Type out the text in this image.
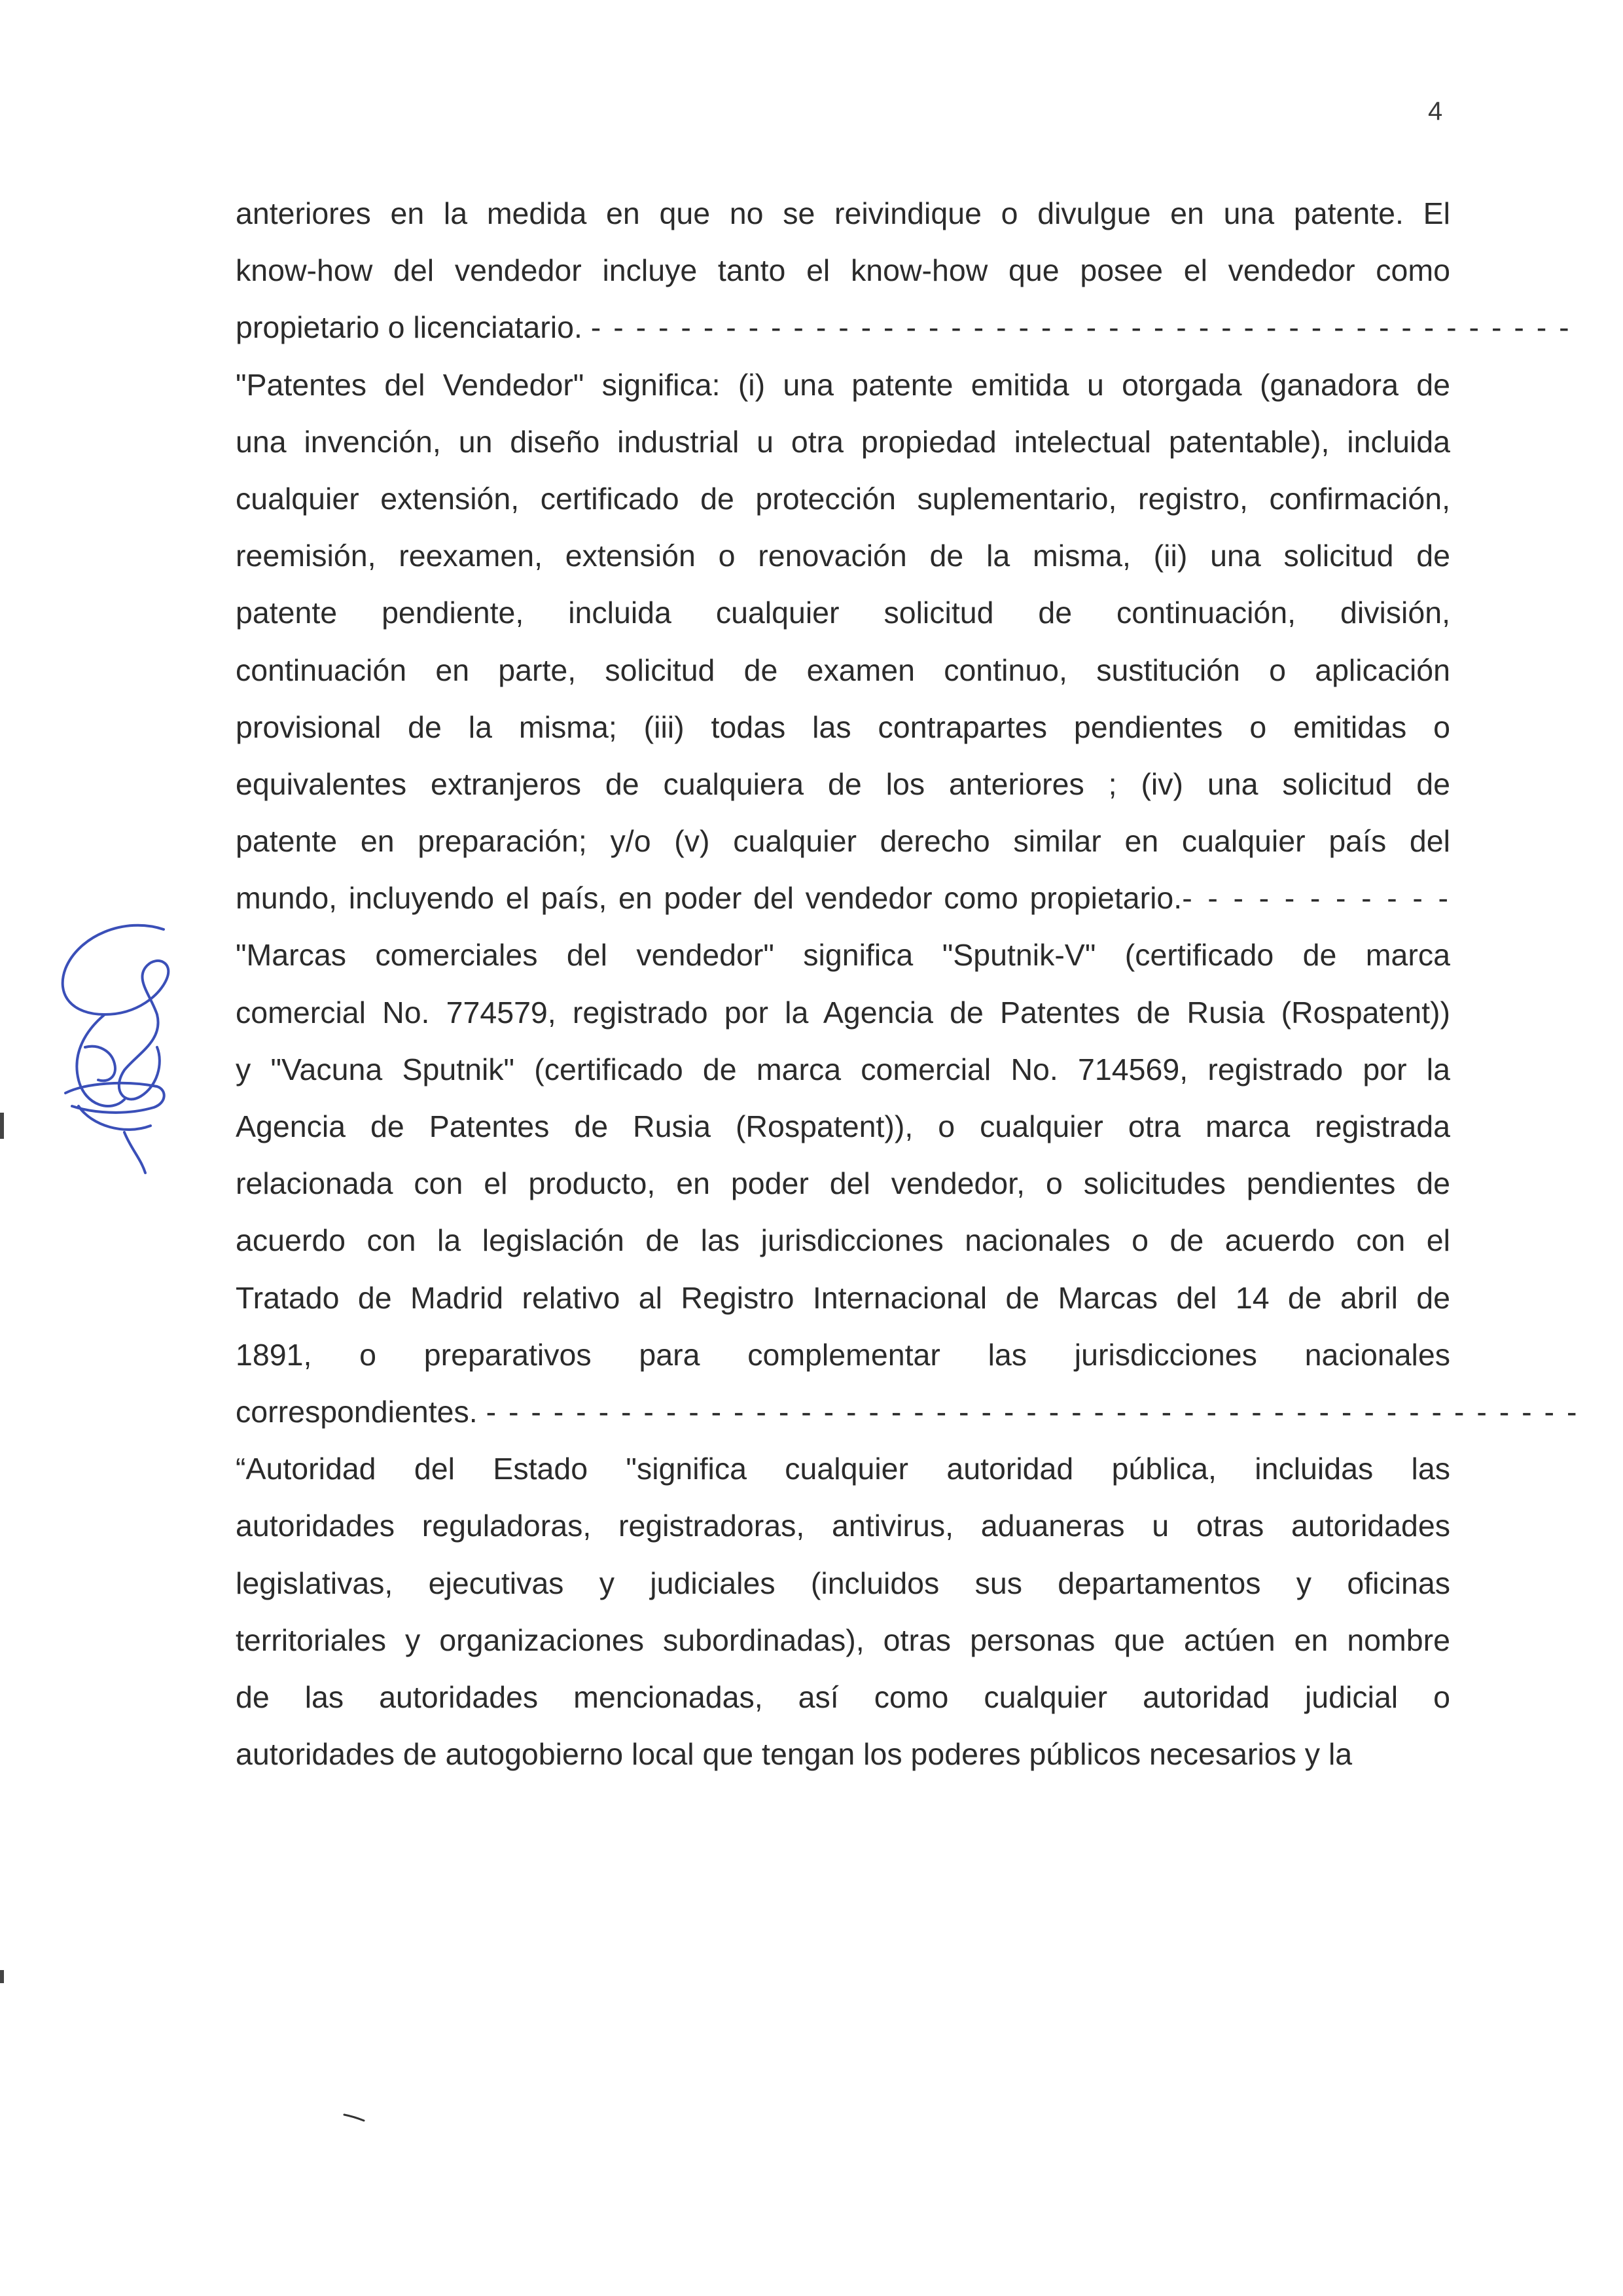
4
anteriores en la medida en que no se reivindique o divulgue en una patente. El
know-how del vendedor incluye tanto el know-how que posee el vendedor como
propietario o licenciatario. - - - - - - - - - - - - - - - - - - - - - - - - - - - - - - - - - - - - - - - - - - - -
"Patentes del Vendedor" significa: (i) una patente emitida u otorgada (ganadora de
una invención, un diseño industrial u otra propiedad intelectual patentable), incluida
cualquier extensión, certificado de protección suplementario, registro, confirmación,
reemisión, reexamen, extensión o renovación de la misma, (ii) una solicitud de
patente pendiente, incluida cualquier solicitud de continuación, división,
continuación en parte, solicitud de examen continuo, sustitución o aplicación
provisional de la misma; (iii) todas las contrapartes pendientes o emitidas o
equivalentes extranjeros de cualquiera de los anteriores ; (iv) una solicitud de
patente en preparación; y/o (v) cualquier derecho similar en cualquier país del
mundo, incluyendo el país, en poder del vendedor como propietario.- - - - - - - - - - -
"Marcas comerciales del vendedor" significa "Sputnik-V" (certificado de marca
comercial No. 774579, registrado por la Agencia de Patentes de Rusia (Rospatent))
y "Vacuna Sputnik" (certificado de marca comercial No. 714569, registrado por la
Agencia de Patentes de Rusia (Rospatent)), o cualquier otra marca registrada
relacionada con el producto, en poder del vendedor, o solicitudes pendientes de
acuerdo con la legislación de las jurisdicciones nacionales o de acuerdo con el
Tratado de Madrid relativo al Registro Internacional de Marcas del 14 de abril de
1891, o preparativos para complementar las jurisdicciones nacionales
correspondientes. - - - - - - - - - - - - - - - - - - - - - - - - - - - - - - - - - - - - - - - - - - - - - - - - -
“Autoridad del Estado "significa cualquier autoridad pública, incluidas las
autoridades reguladoras, registradoras, antivirus, aduaneras u otras autoridades
legislativas, ejecutivas y judiciales (incluidos sus departamentos y oficinas
territoriales y organizaciones subordinadas), otras personas que actúen en nombre
de las autoridades mencionadas, así como cualquier autoridad judicial o
autoridades de autogobierno local que tengan los poderes públicos necesarios y la
